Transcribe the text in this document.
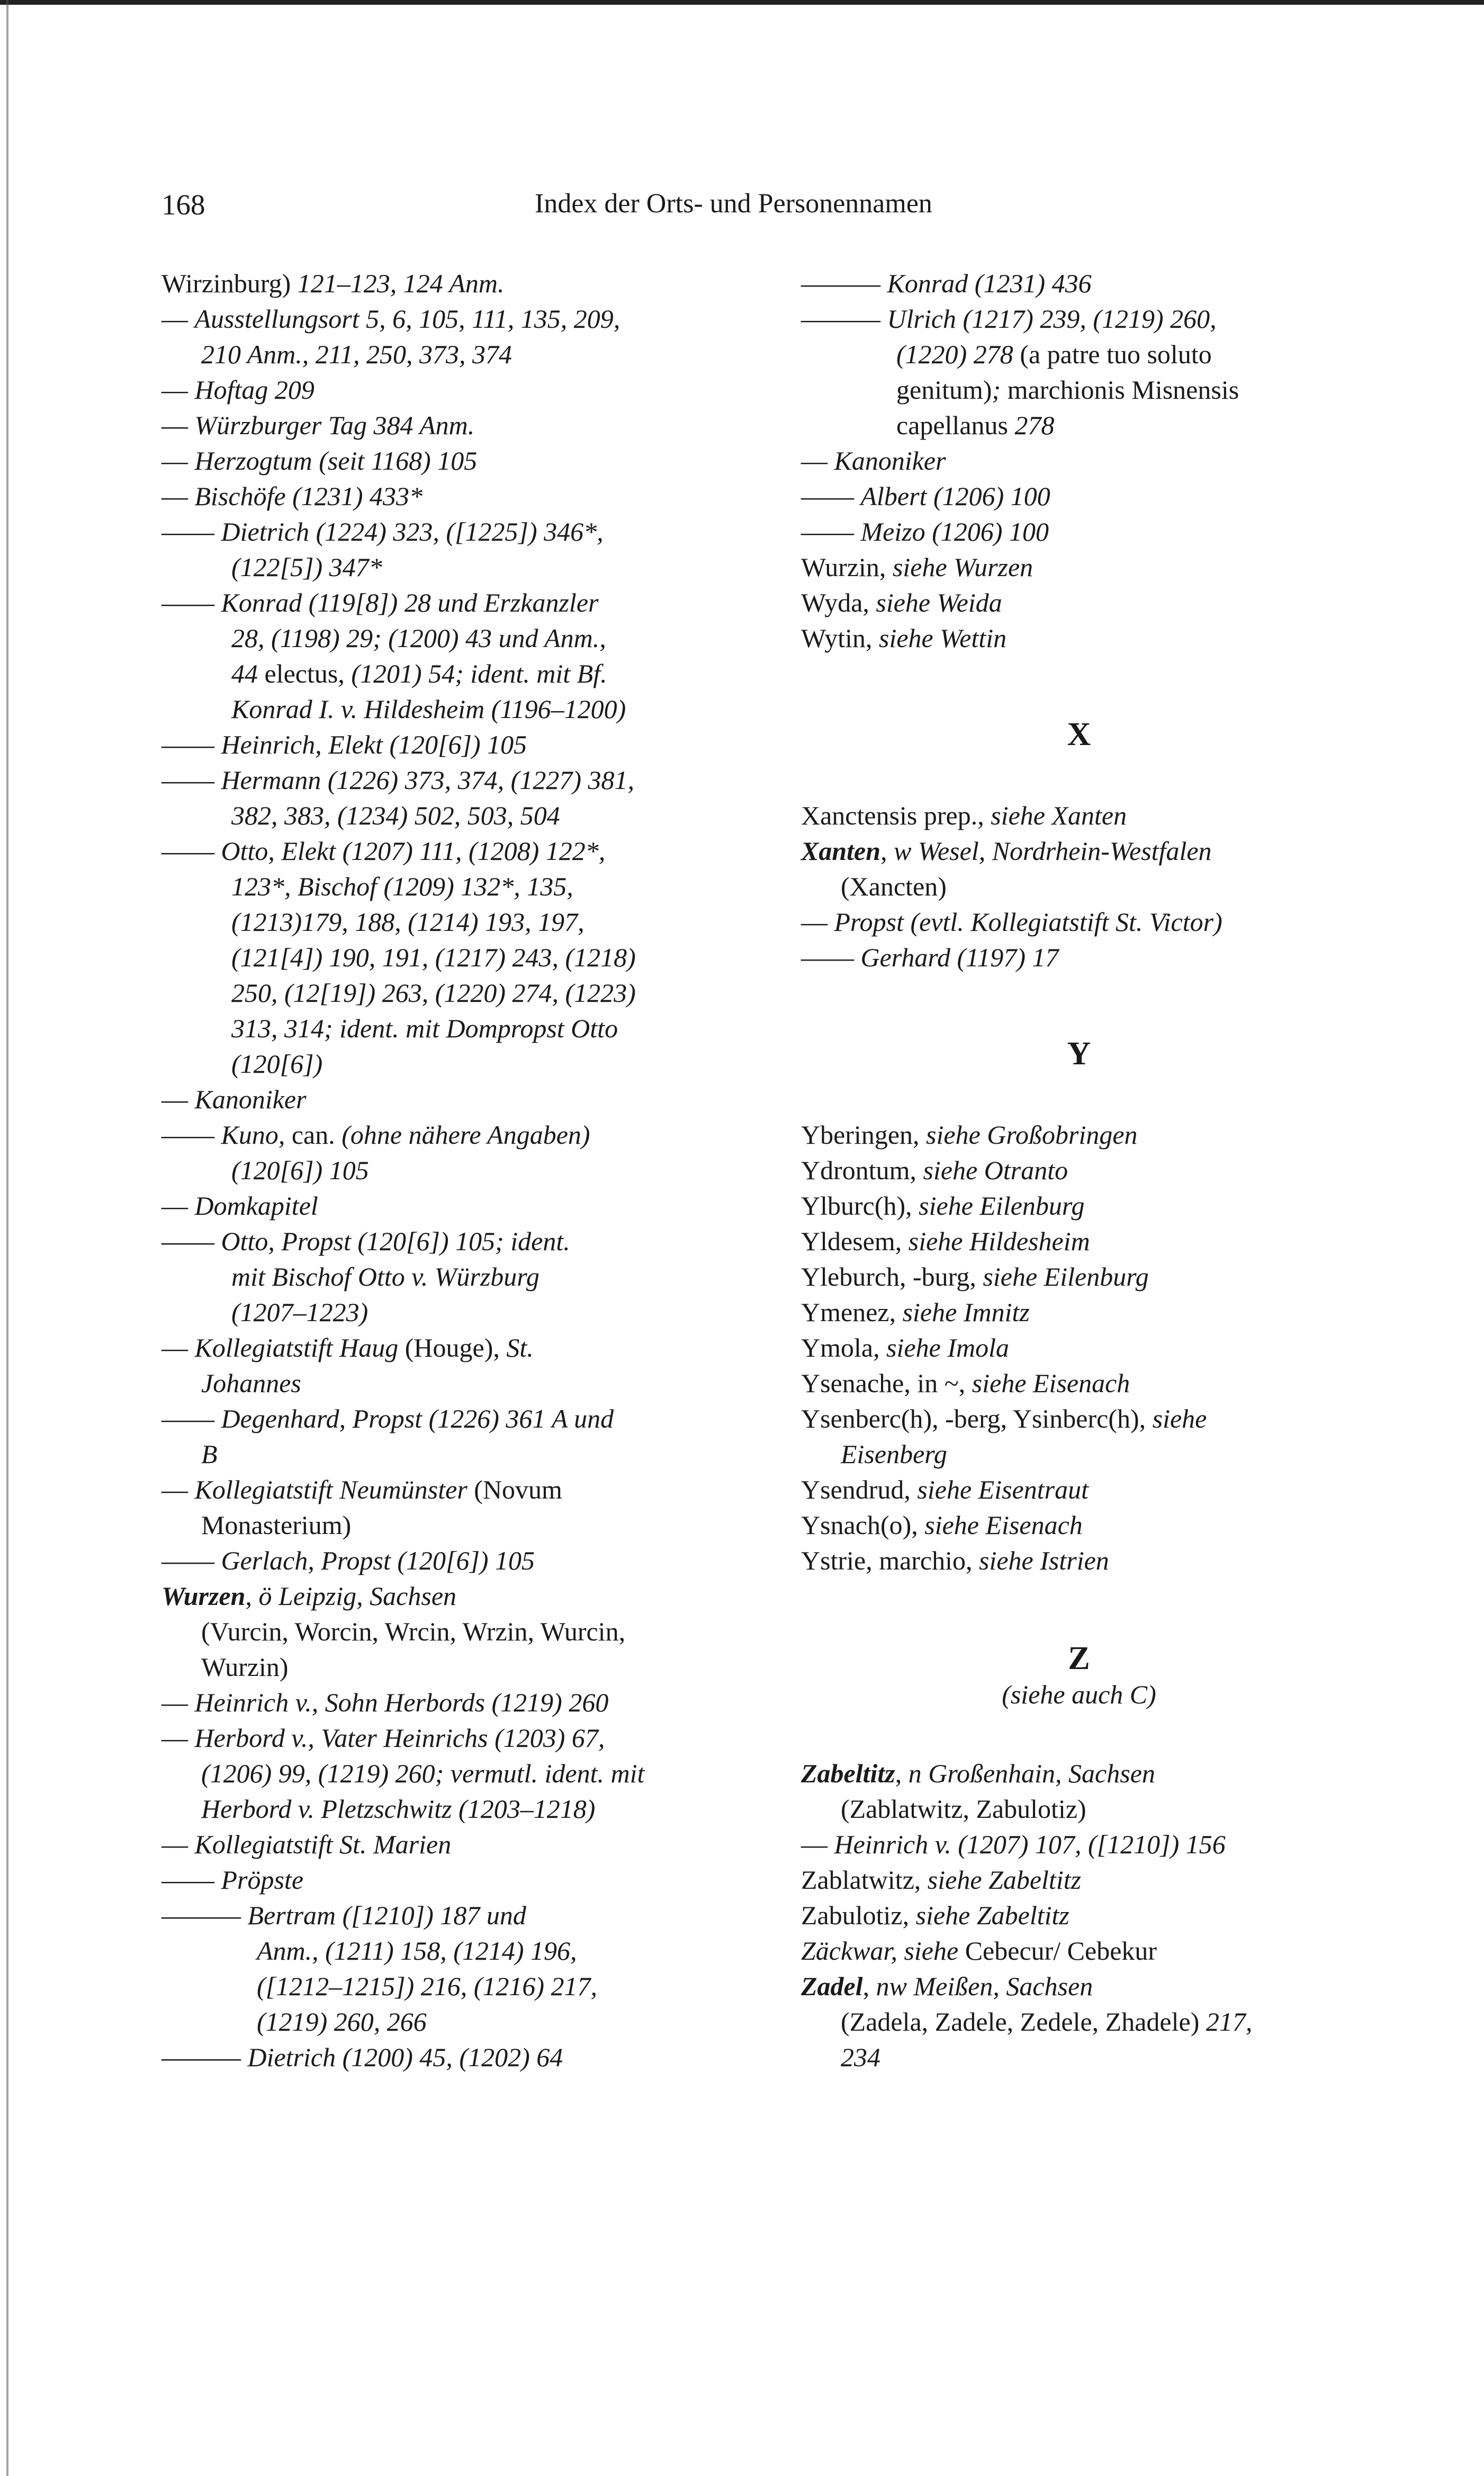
168	Index der Orts- und Personennamen
Wirzinburg) 121–123, 124 Anm.
— Ausstellungsort 5, 6, 105, 111, 135, 209,
210 Anm., 211, 250, 373, 374
— Hoftag 209
— Würzburger Tag 384 Anm.
— Herzogtum (seit 1168) 105
— Bischöfe (1231) 433*
—— Dietrich (1224) 323, ([1225]) 346*,
(122[5]) 347*
—— Konrad (119[8]) 28 und Erzkanzler
28, (1198) 29; (1200) 43 und Anm.,
44 electus, (1201) 54; ident. mit Bf.
Konrad I. v. Hildesheim (1196–1200)
—— Heinrich, Elekt (120[6]) 105
—— Hermann (1226) 373, 374, (1227) 381,
382, 383, (1234) 502, 503, 504
—— Otto, Elekt (1207) 111, (1208) 122*,
123*, Bischof (1209) 132*, 135,
(1213)179, 188, (1214) 193, 197,
(121[4]) 190, 191, (1217) 243, (1218)
250, (12[19]) 263, (1220) 274, (1223)
313, 314; ident. mit Dompropst Otto
(120[6])
— Kanoniker
—— Kuno, can. (ohne nähere Angaben)
(120[6]) 105
— Domkapitel
—— Otto, Propst (120[6]) 105; ident.
mit Bischof Otto v. Würzburg
(1207–1223)
— Kollegiatstift Haug (Houge), St.
Johannes
—— Degenhard, Propst (1226) 361 A und
B
— Kollegiatstift Neumünster (Novum
Monasterium)
—— Gerlach, Propst (120[6]) 105
Wurzen, ö Leipzig, Sachsen
(Vurcin, Worcin, Wrcin, Wrzin, Wurcin,
Wurzin)
— Heinrich v., Sohn Herbords (1219) 260
— Herbord v., Vater Heinrichs (1203) 67,
(1206) 99, (1219) 260; vermutl. ident. mit
Herbord v. Pletzschwitz (1203–1218)
— Kollegiatstift St. Marien
—— Pröpste
——— Bertram ([1210]) 187 und
Anm., (1211) 158, (1214) 196,
([1212–1215]) 216, (1216) 217,
(1219) 260, 266
——— Dietrich (1200) 45, (1202) 64
——— Konrad (1231) 436
——— Ulrich (1217) 239, (1219) 260,
(1220) 278 (a patre tuo soluto
genitum); marchionis Misnensis
capellanus 278
— Kanoniker
—— Albert (1206) 100
—— Meizo (1206) 100
Wurzin, siehe Wurzen
Wyda, siehe Weida
Wytin, siehe Wettin
X
Xanctensis prep., siehe Xanten
Xanten, w Wesel, Nordrhein-Westfalen
(Xancten)
— Propst (evtl. Kollegiatstift St. Victor)
—— Gerhard (1197) 17
Y
Yberingen, siehe Großobringen
Ydrontum, siehe Otranto
Ylburc(h), siehe Eilenburg
Yldesem, siehe Hildesheim
Yleburch, -burg, siehe Eilenburg
Ymenez, siehe Imnitz
Ymola, siehe Imola
Ysenache, in ~, siehe Eisenach
Ysenberc(h), -berg, Ysinberc(h), siehe
Eisenberg
Ysendrud, siehe Eisentraut
Ysnach(o), siehe Eisenach
Ystrie, marchio, siehe Istrien
Z
(siehe auch C)
Zabeltitz, n Großenhain, Sachsen
(Zablatwitz, Zabulotiz)
— Heinrich v. (1207) 107, ([1210]) 156
Zablatwitz, siehe Zabeltitz
Zabulotiz, siehe Zabeltitz
Zäckwar, siehe Cebecur/ Cebekur
Zadel, nw Meißen, Sachsen
(Zadela, Zadele, Zedele, Zhadele) 217,
234
